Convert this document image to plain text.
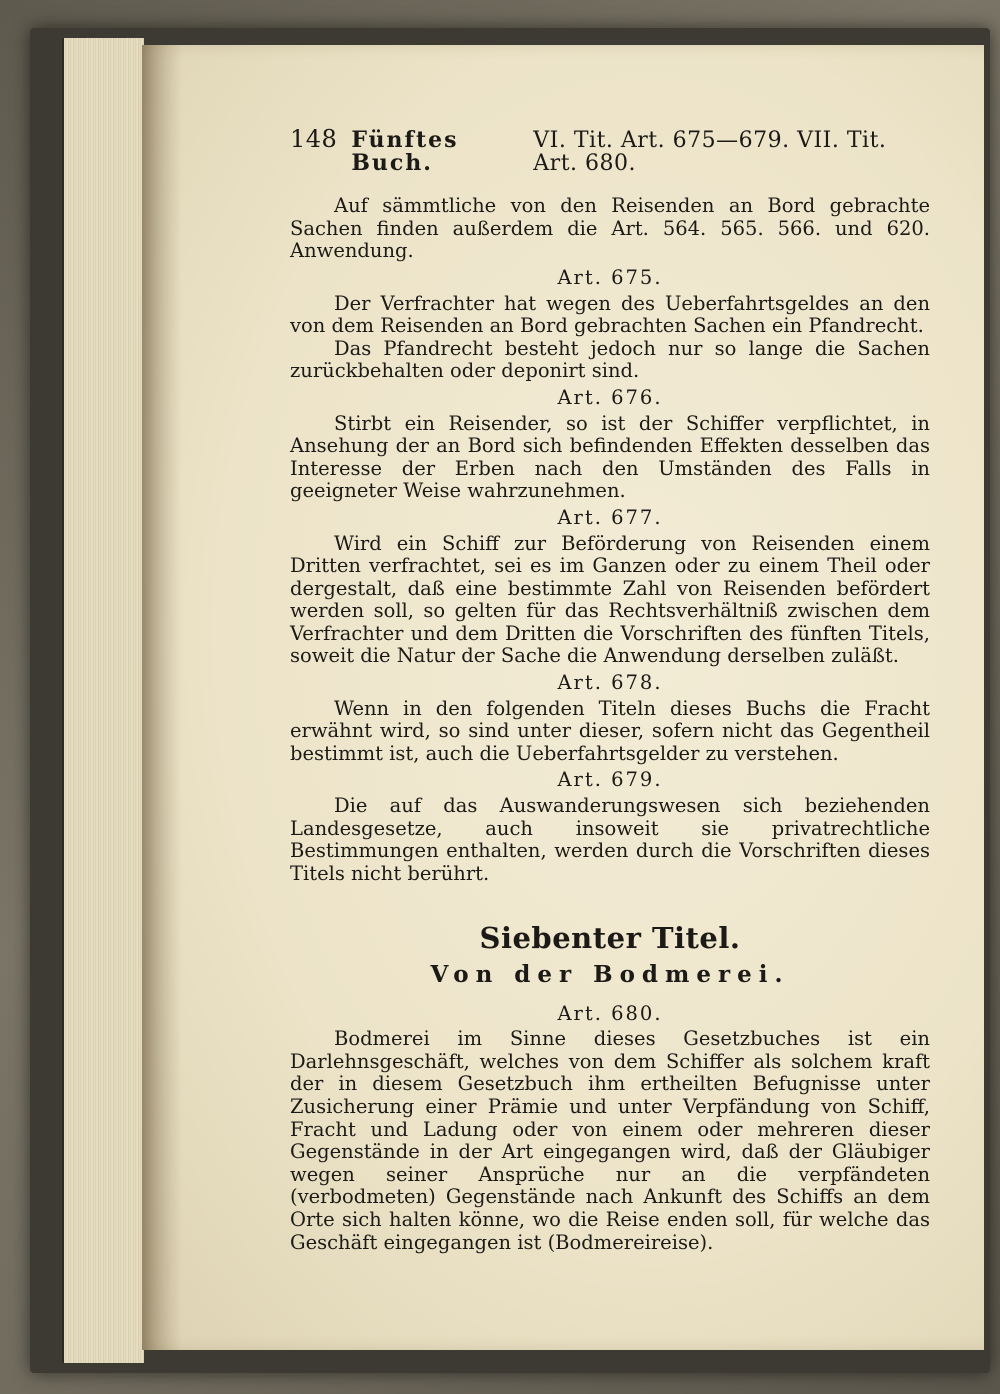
148 Fünftes Buch.
VI. Tit. Art. 675—679. VII. Tit. Art. 680.

Auf sämmtliche von den Reisenden an Bord gebrachte Sachen finden außerdem die Art. 564. 565. 566. und 620. Anwendung.

Art. 675.

Der Verfrachter hat wegen des Ueberfahrtsgeldes an den von dem Reisenden an Bord gebrachten Sachen ein Pfandrecht.

Das Pfandrecht besteht jedoch nur so lange die Sachen zurückbehalten oder deponirt sind.

Art. 676.

Stirbt ein Reisender, so ist der Schiffer verpflichtet, in Ansehung der an Bord sich befindenden Effekten desselben das Interesse der Erben nach den Umständen des Falls in geeigneter Weise wahrzunehmen.

Art. 677.

Wird ein Schiff zur Beförderung von Reisenden einem Dritten verfrachtet, sei es im Ganzen oder zu einem Theil oder dergestalt, daß eine bestimmte Zahl von Reisenden befördert werden soll, so gelten für das Rechtsverhältniß zwischen dem Verfrachter und dem Dritten die Vorschriften des fünften Titels, soweit die Natur der Sache die Anwendung derselben zuläßt.

Art. 678.

Wenn in den folgenden Titeln dieses Buchs die Fracht erwähnt wird, so sind unter dieser, sofern nicht das Gegentheil bestimmt ist, auch die Ueberfahrtsgelder zu verstehen.

Art. 679.

Die auf das Auswanderungswesen sich beziehenden Landesgesetze, auch insoweit sie privatrechtliche Bestimmungen enthalten, werden durch die Vorschriften dieses Titels nicht berührt.

Siebenter Titel.
Von der Bodmerei.
Art. 680.

Bodmerei im Sinne dieses Gesetzbuches ist ein Darlehnsgeschäft, welches von dem Schiffer als solchem kraft der in diesem Gesetzbuch ihm ertheilten Befugnisse unter Zusicherung einer Prämie und unter Verpfändung von Schiff, Fracht und Ladung oder von einem oder mehreren dieser Gegenstände in der Art eingegangen wird, daß der Gläubiger wegen seiner Ansprüche nur an die verpfändeten (verbodmeten) Gegenstände nach Ankunft des Schiffs an dem Orte sich halten könne, wo die Reise enden soll, für welche das Geschäft eingegangen ist (Bodmereireise).
